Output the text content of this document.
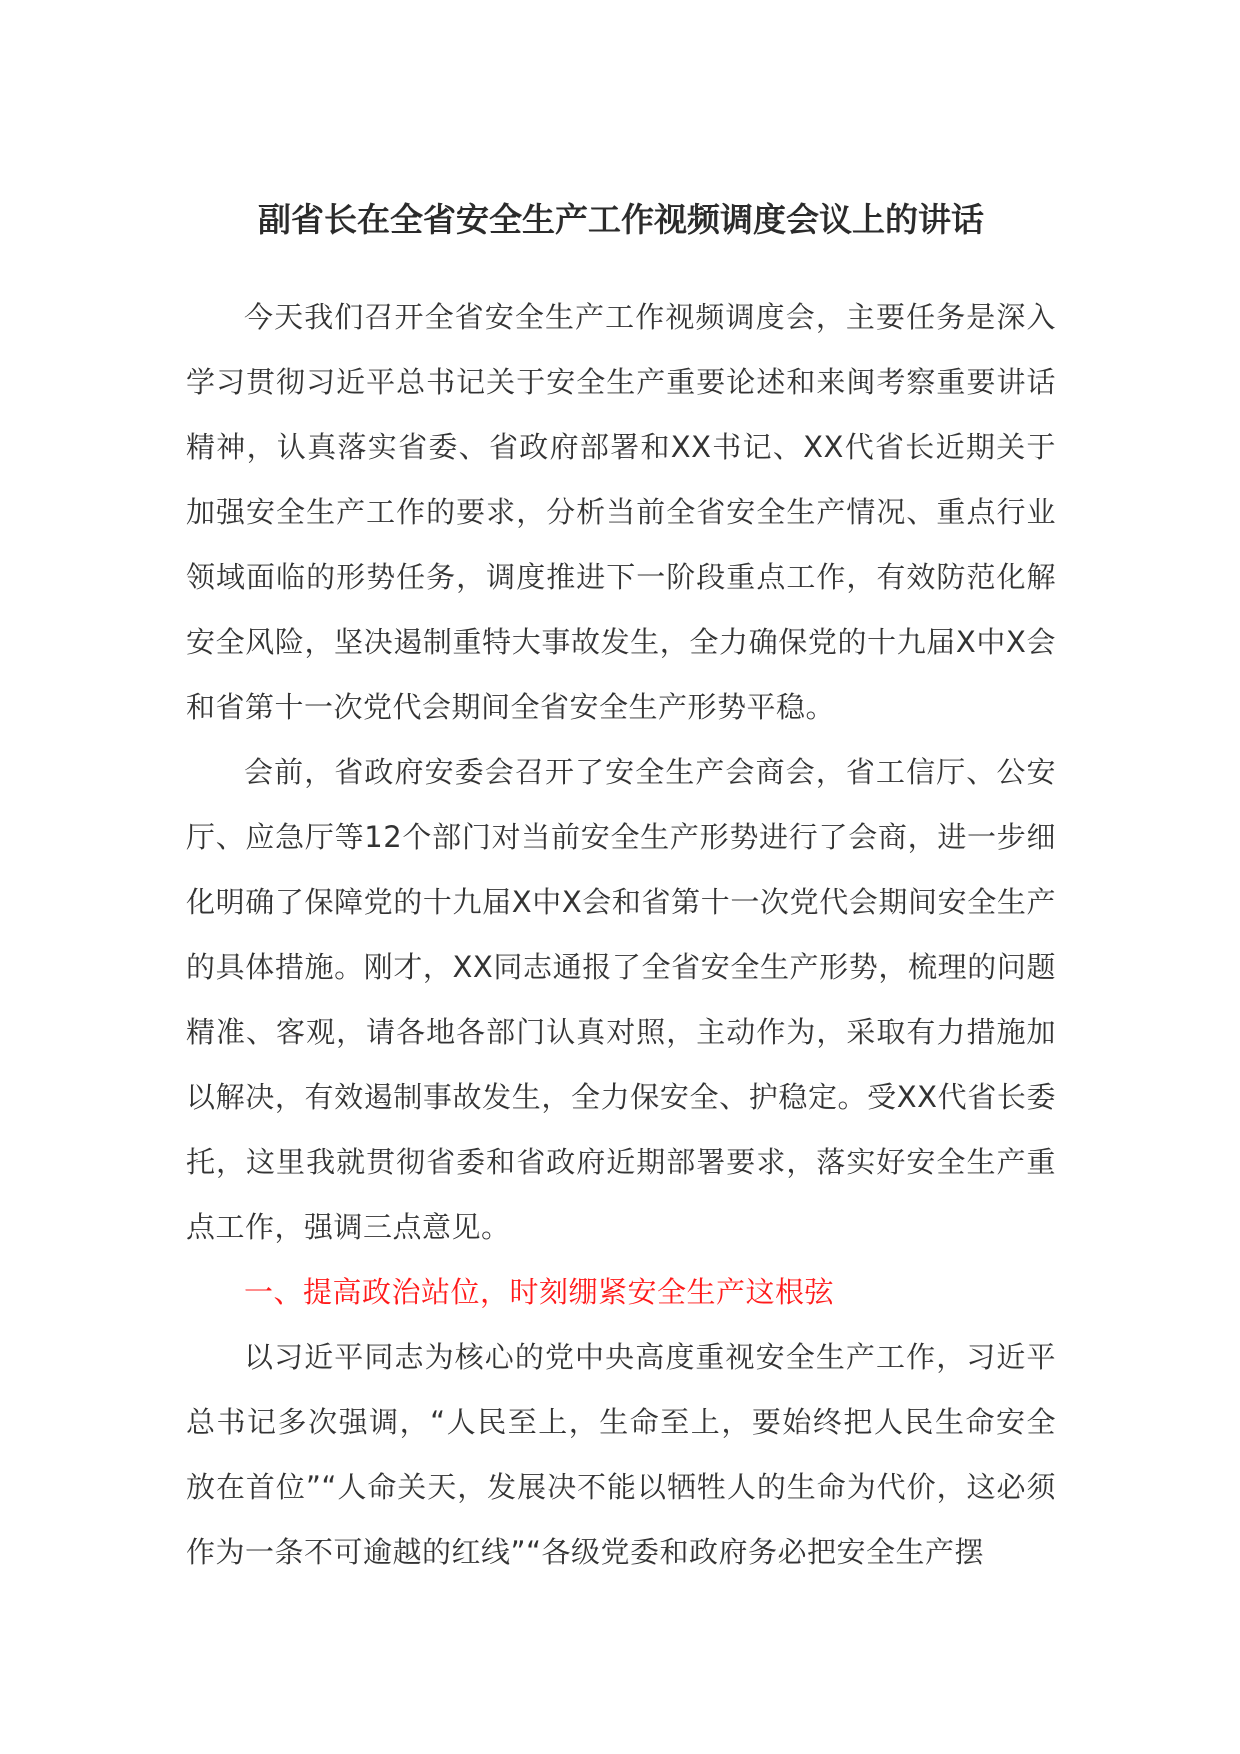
副省长在全省安全生产工作视频调度会议上的讲话

今天我们召开全省安全生产工作视频调度会，主要任务是深入学习贯彻习近平总书记关于安全生产重要论述和来闽考察重要讲话精神，认真落实省委、省政府部署和XX书记、XX代省长近期关于加强安全生产工作的要求，分析当前全省安全生产情况、重点行业领域面临的形势任务，调度推进下一阶段重点工作，有效防范化解安全风险，坚决遏制重特大事故发生，全力确保党的十九届X中X会和省第十一次党代会期间全省安全生产形势平稳。

会前，省政府安委会召开了安全生产会商会，省工信厅、公安厅、应急厅等12个部门对当前安全生产形势进行了会商，进一步细化明确了保障党的十九届X中X会和省第十一次党代会期间安全生产的具体措施。刚才，XX同志通报了全省安全生产形势，梳理的问题精准、客观，请各地各部门认真对照，主动作为，采取有力措施加以解决，有效遏制事故发生，全力保安全、护稳定。受XX代省长委托，这里我就贯彻省委和省政府近期部署要求，落实好安全生产重点工作，强调三点意见。

一、提高政治站位，时刻绷紧安全生产这根弦

以习近平同志为核心的党中央高度重视安全生产工作，习近平总书记多次强调，“人民至上，生命至上，要始终把人民生命安全放在首位”“人命关天，发展决不能以牺牲人的生命为代价，这必须作为一条不可逾越的红线”“各级党委和政府务必把安全生产摆
